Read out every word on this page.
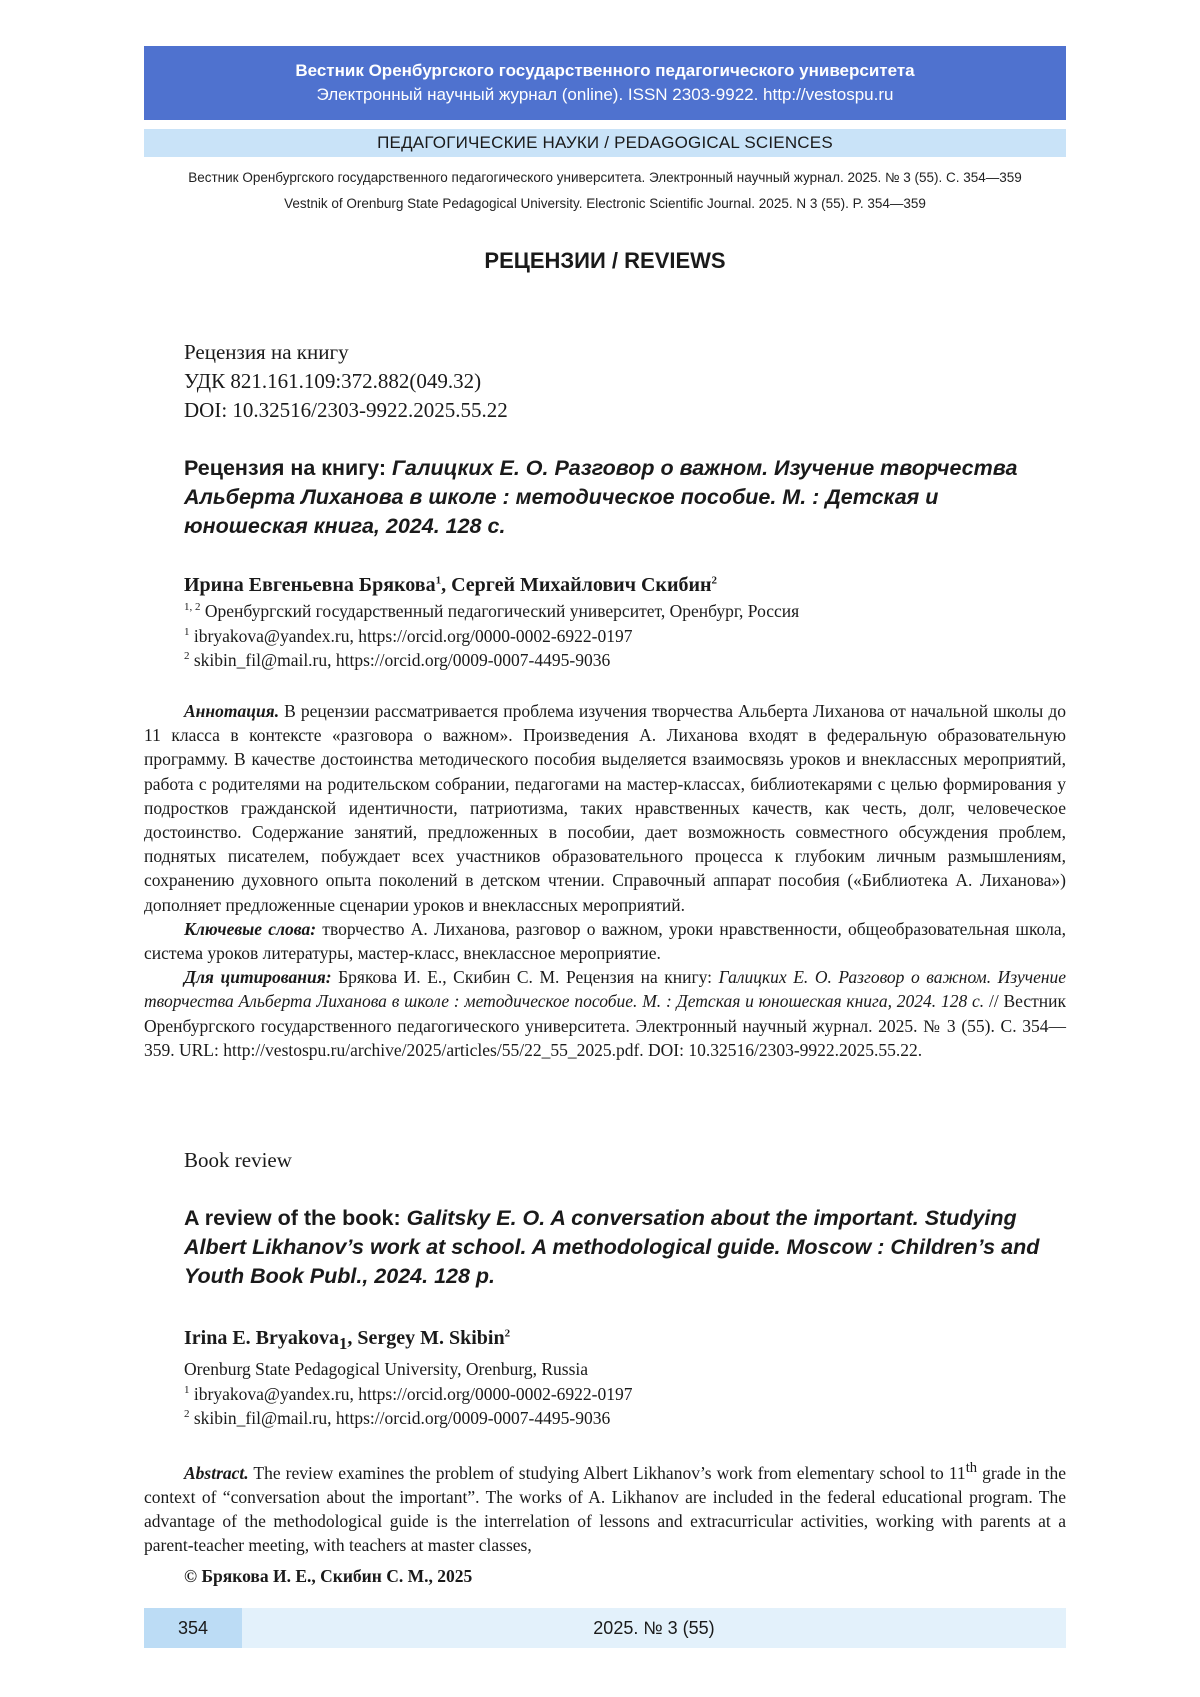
Вестник Оренбургского государственного педагогического университета
Электронный научный журнал (online). ISSN 2303-9922. http://vestospu.ru
ПЕДАГОГИЧЕСКИЕ НАУКИ / PEDAGOGICAL SCIENCES
Вестник Оренбургского государственного педагогического университета. Электронный научный журнал. 2025. № 3 (55). С. 354—359
Vestnik of Orenburg State Pedagogical University. Electronic Scientific Journal. 2025. N 3 (55). P. 354—359
РЕЦЕНЗИИ / REVIEWS
Рецензия на книгу
УДК 821.161.109:372.882(049.32)
DOI: 10.32516/2303-9922.2025.55.22
Рецензия на книгу: Галицких Е. О. Разговор о важном. Изучение творчества Альберта Лиханова в школе : методическое пособие. М. : Детская и юношеская книга, 2024. 128 с.
Ирина Евгеньевна Брякова$^1$, Сергей Михайлович Скибин$^2$
$^{1, 2}$ Оренбургский государственный педагогический университет, Оренбург, Россия
$^1$ ibryakova@yandex.ru, https://orcid.org/0000-0002-6922-0197
$^2$ skibin_fil@mail.ru, https://orcid.org/0009-0007-4495-9036

Аннотация. В рецензии рассматривается проблема изучения творчества Альберта Лиханова от начальной школы до 11 класса в контексте «разговора о важном». Произведения А. Лиханова входят в федеральную образовательную программу. В качестве достоинства методического пособия выделяется взаимосвязь уроков и внеклассных мероприятий, работа с родителями на родительском собрании, педагогами на мастер-классах, библиотекарями с целью формирования у подростков гражданской идентичности, патриотизма, таких нравственных качеств, как честь, долг, человеческое достоинство. Содержание занятий, предложенных в пособии, дает возможность совместного обсуждения проблем, поднятых писателем, побуждает всех участников образовательного процесса к глубоким личным размышлениям, сохранению духовного опыта поколений в детском чтении. Справочный аппарат пособия («Библиотека А. Лиханова») дополняет предложенные сценарии уроков и внеклассных мероприятий.

Ключевые слова: творчество А. Лиханова, разговор о важном, уроки нравственности, общеобразовательная школа, система уроков литературы, мастер-класс, внеклассное мероприятие.

Для цитирования: Брякова И. Е., Скибин С. М. Рецензия на книгу: Галицких Е. О. Разговор о важном. Изучение творчества Альберта Лиханова в школе : методическое пособие. М. : Детская и юношеская книга, 2024. 128 с. // Вестник Оренбургского государственного педагогического университета. Электронный научный журнал. 2025. № 3 (55). С. 354—359. URL: http://vestospu.ru/archive/2025/articles/55/22_55_2025.pdf. DOI: 10.32516/2303-9922.2025.55.22.

Book review
A review of the book: Galitsky E. O. A conversation about the important. Studying Albert Likhanov’s work at school. A methodological guide. Moscow : Children’s and Youth Book Publ., 2024. 128 p.
Irina E. Bryakova$_1$, Sergey M. Skibin$^2$
Orenburg State Pedagogical University, Orenburg, Russia
$^1$ ibryakova@yandex.ru, https://orcid.org/0000-0002-6922-0197
$^2$ skibin_fil@mail.ru, https://orcid.org/0009-0007-4495-9036

Abstract. The review examines the problem of studying Albert Likhanov’s work from elementary school to 11th grade in the context of “conversation about the important”. The works of A. Likhanov are included in the federal educational program. The advantage of the methodological guide is the interrelation of lessons and extracurricular activities, working with parents at a parent-teacher meeting, with teachers at master classes,

© Брякова И. Е., Скибин С. М., 2025
354	2025. № 3 (55)
